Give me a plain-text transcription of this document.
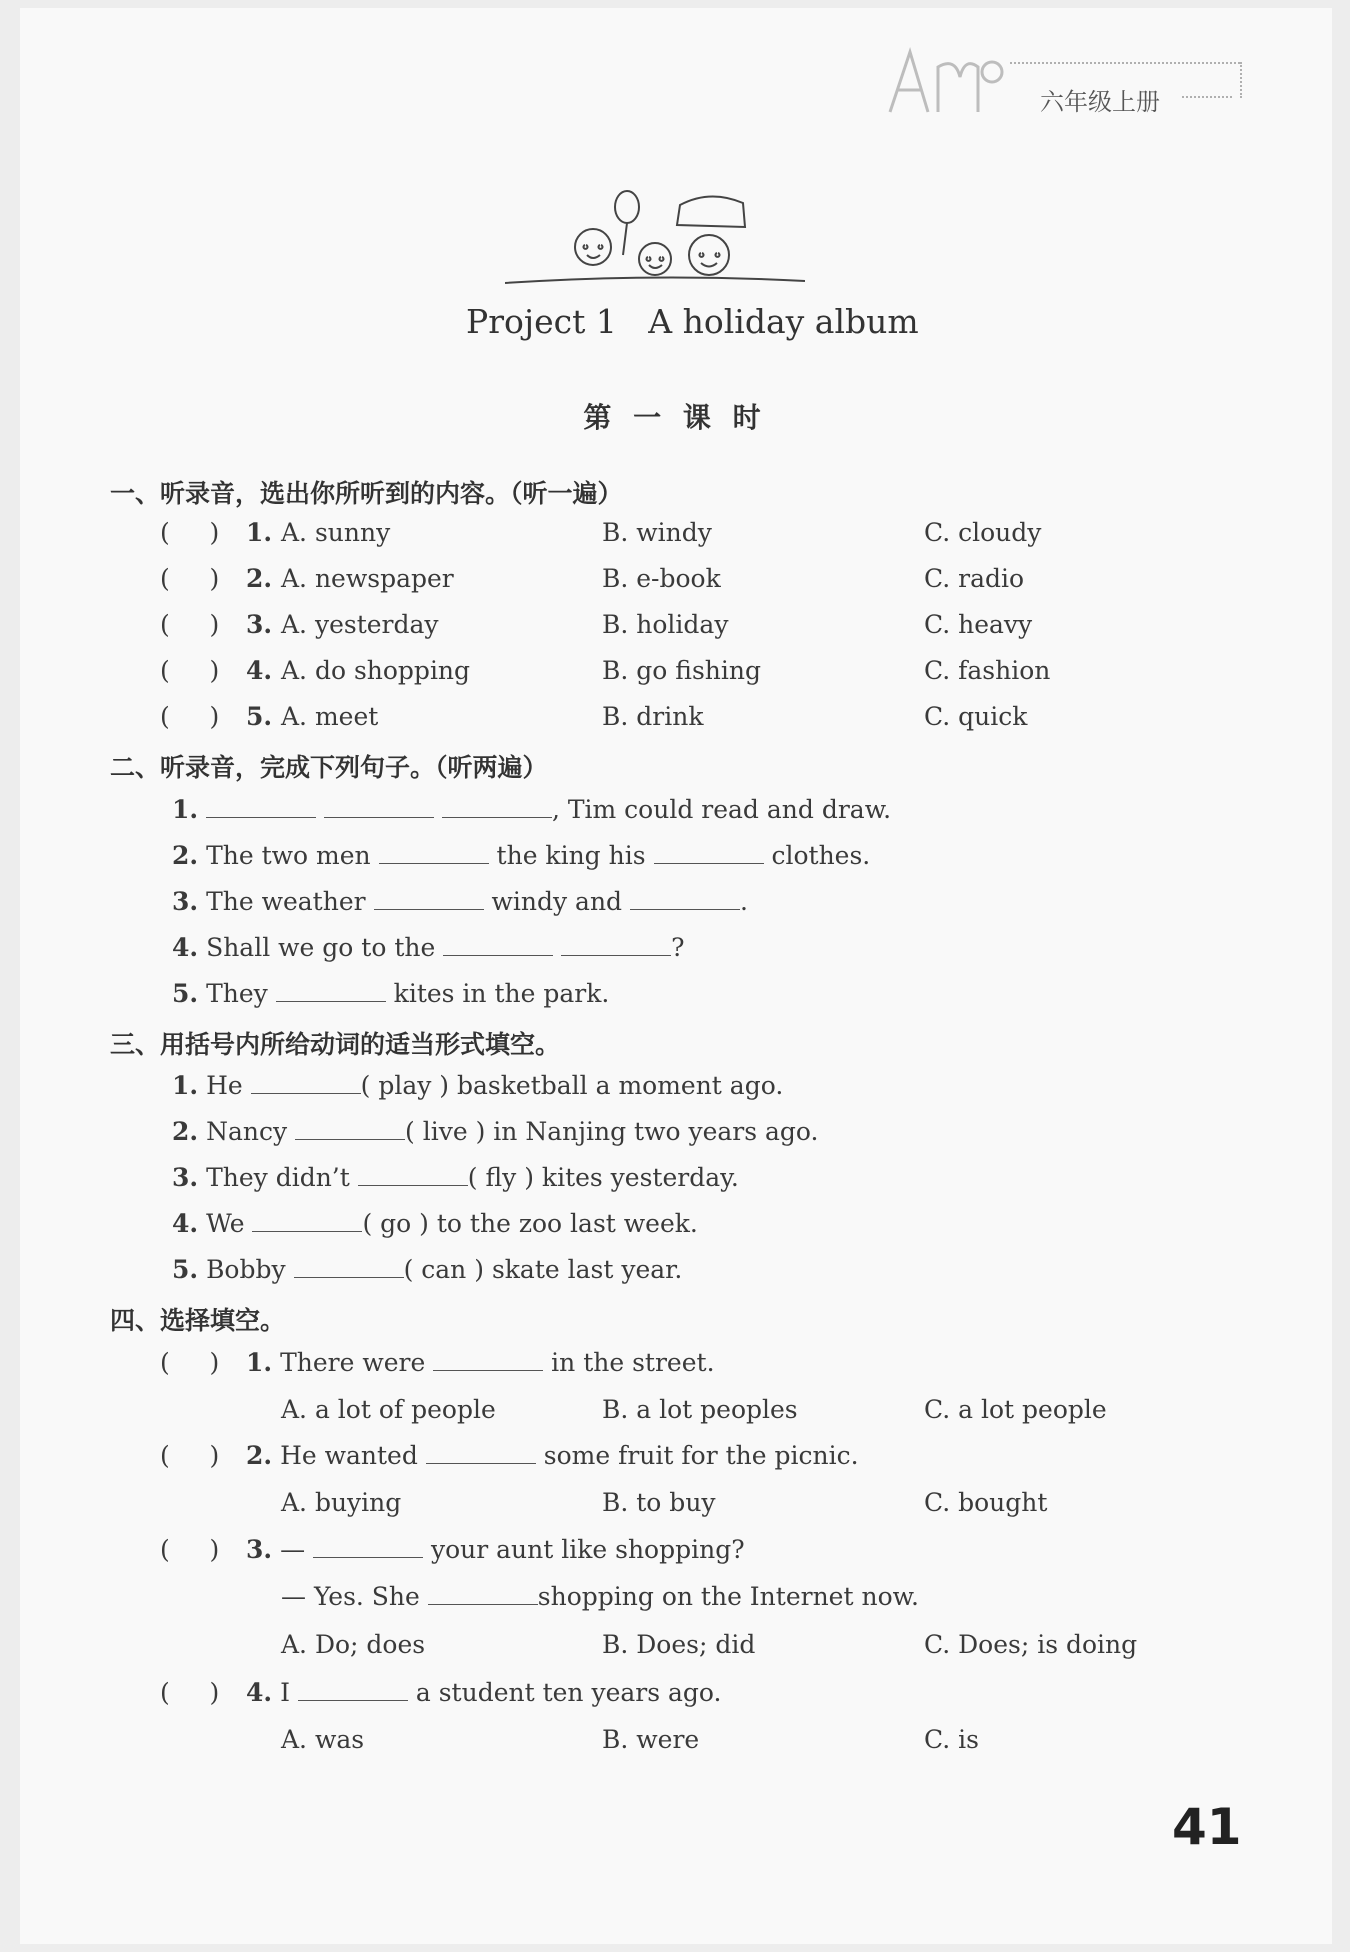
六年级上册
Project 1   A holiday album
第 一 课 时
一、听录音，选出你所听到的内容。（听一遍）
(     ) 1. A. sunny	B. windy	C. cloudy
(     ) 2. A. newspaper	B. e-book	C. radio
(     ) 3. A. yesterday	B. holiday	C. heavy
(     ) 4. A. do shopping	B. go fishing	C. fashion
(     ) 5. A. meet	B. drink	C. quick
二、听录音，完成下列句子。（听两遍）
1.	, Tim could read and draw.
2. The two men	the king his	clothes.
3. The weather	windy and	.
4. Shall we go to the	?
5. They	kites in the park.
三、用括号内所给动词的适当形式填空。
1. He	( play ) basketball a moment ago.
2. Nancy	( live ) in Nanjing two years ago.
3. They didn’t	( fly ) kites yesterday.
4. We	( go ) to the zoo last week.
5. Bobby	( can ) skate last year.
四、选择填空。
(     ) 1. There were	in the street.
A. a lot of people	B. a lot peoples	C. a lot people
(     ) 2. He wanted	some fruit for the picnic.
A. buying	B. to buy	C. bought
(     ) 3. —	your aunt like shopping?
— Yes. She	shopping on the Internet now.
A. Do; does	B. Does; did	C. Does; is doing
(     ) 4. I	a student ten years ago.
A. was	B. were	C. is
41
